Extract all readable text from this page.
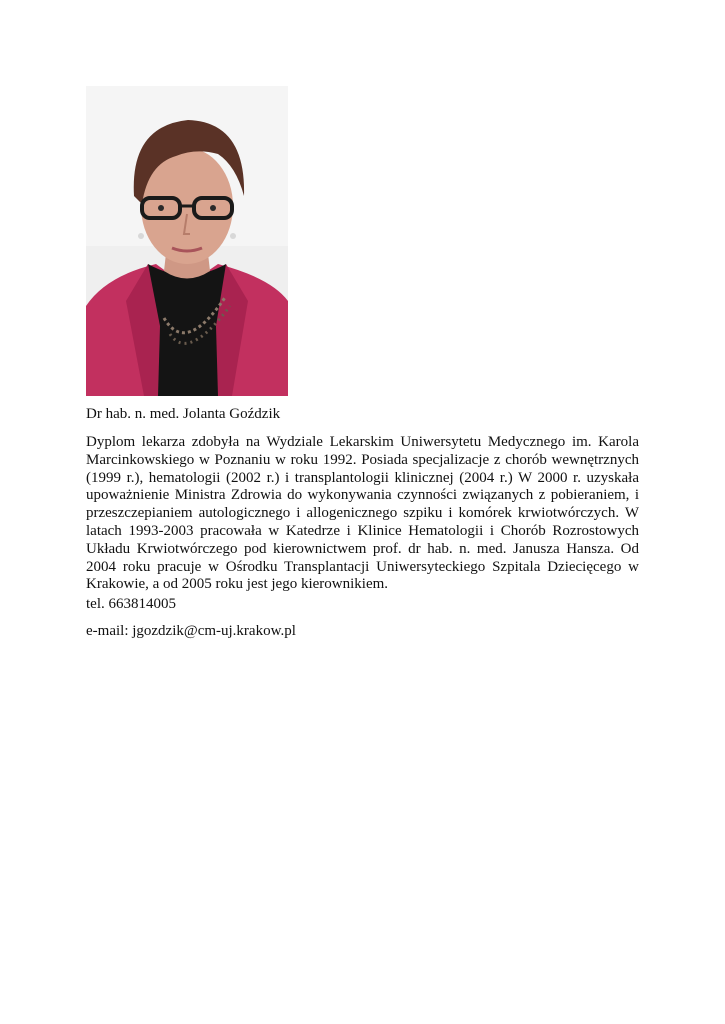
Dr hab. n. med. Jolanta Goździk

Dyplom lekarza zdobyła na Wydziale Lekarskim Uniwersytetu Medycznego im. Karola Marcinkowskiego w Poznaniu w roku 1992. Posiada specjalizacje z chorób wewnętrznych (1999 r.), hematologii (2002 r.) i transplantologii klinicznej (2004 r.) W 2000 r. uzyskała upoważnienie Ministra Zdrowia do wykonywania czynności związanych z pobieraniem, i przeszczepianiem autologicznego i allogenicznego szpiku i komórek krwiotwórczych. W latach 1993-2003 pracowała w Katedrze i Klinice Hematologii i Chorób Rozrostowych Układu Krwiotwórczego pod kierownictwem prof. dr hab. n. med. Janusza Hansza. Od 2004 roku pracuje w Ośrodku Transplantacji Uniwersyteckiego Szpitala Dziecięcego w Krakowie, a od 2005 roku jest jego kierownikiem.

tel. 663814005
e-mail: jgozdzik@cm-uj.krakow.pl
